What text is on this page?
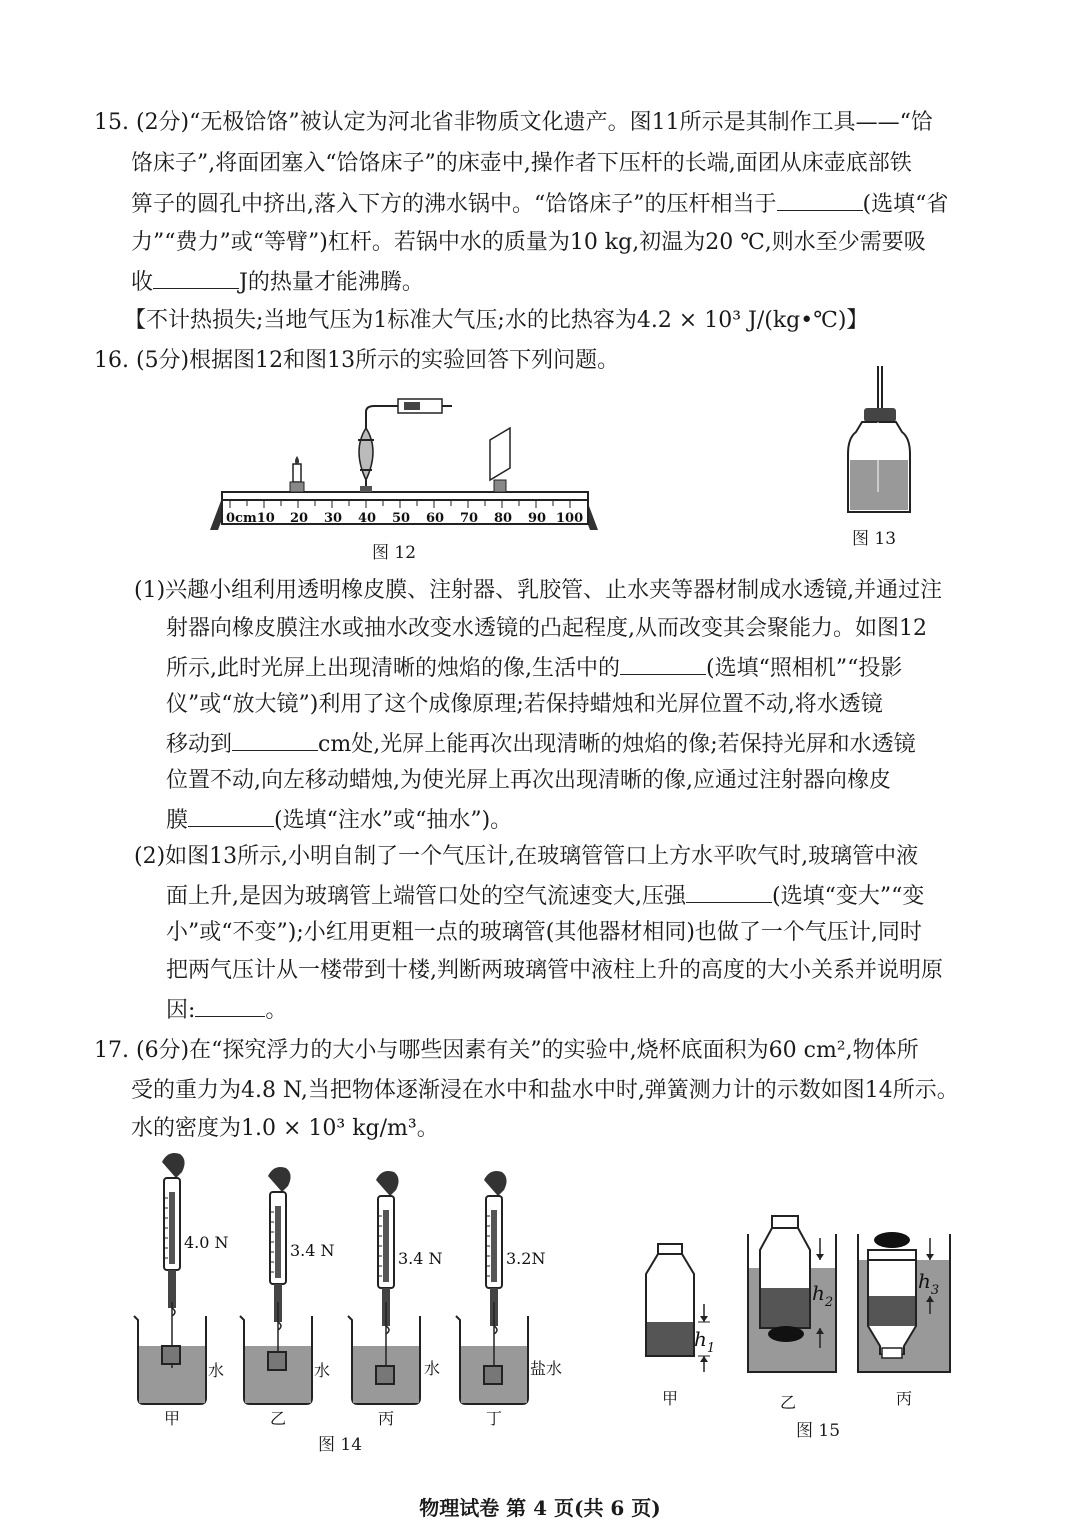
15. (2分)“无极饸饹”被认定为河北省非物质文化遗产。图11所示是其制作工具——“饸
饹床子”,将面团塞入“饸饹床子”的床壶中,操作者下压杆的长端,面团从床壶底部铁
箅子的圆孔中挤出,落入下方的沸水锅中。“饸饹床子”的压杆相当于	(选填“省
力”“费力”或“等臂”)杠杆。若锅中水的质量为10 kg,初温为20 ℃,则水至少需要吸
收	J的热量才能沸腾。
【不计热损失;当地气压为1标准大气压;水的比热容为4.2 × 10³ J/(kg•℃)】
16. (5分)根据图12和图13所示的实验回答下列问题。
0cm10 20 30 40 50 60 70 80 90 100
图 12
图 13
(1)兴趣小组利用透明橡皮膜、注射器、乳胶管、止水夹等器材制成水透镜,并通过注
射器向橡皮膜注水或抽水改变水透镜的凸起程度,从而改变其会聚能力。如图12
所示,此时光屏上出现清晰的烛焰的像,生活中的	(选填“照相机”“投影
仪”或“放大镜”)利用了这个成像原理;若保持蜡烛和光屏位置不动,将水透镜
移动到	cm处,光屏上能再次出现清晰的烛焰的像;若保持光屏和水透镜
位置不动,向左移动蜡烛,为使光屏上再次出现清晰的像,应通过注射器向橡皮
膜	(选填“注水”或“抽水”)。
(2)如图13所示,小明自制了一个气压计,在玻璃管管口上方水平吹气时,玻璃管中液
面上升,是因为玻璃管上端管口处的空气流速变大,压强	(选填“变大”“变
小”或“不变”);小红用更粗一点的玻璃管(其他器材相同)也做了一个气压计,同时
把两气压计从一楼带到十楼,判断两玻璃管中液柱上升的高度的大小关系并说明原
因:	。
17. (6分)在“探究浮力的大小与哪些因素有关”的实验中,烧杯底面积为60 cm²,物体所
受的重力为4.8 N,当把物体逐渐浸在水中和盐水中时,弹簧测力计的示数如图14所示。
水的密度为1.0 × 10³ kg/m³。
4.0 N	3.4 N	3.4 N	3.2N
水	水	水	盐水
甲	乙	丙	丁
图 14
$h_1$
$h_2$
$h_3$
甲	乙	丙
图 15
物理试卷 第 4 页(共 6 页)
